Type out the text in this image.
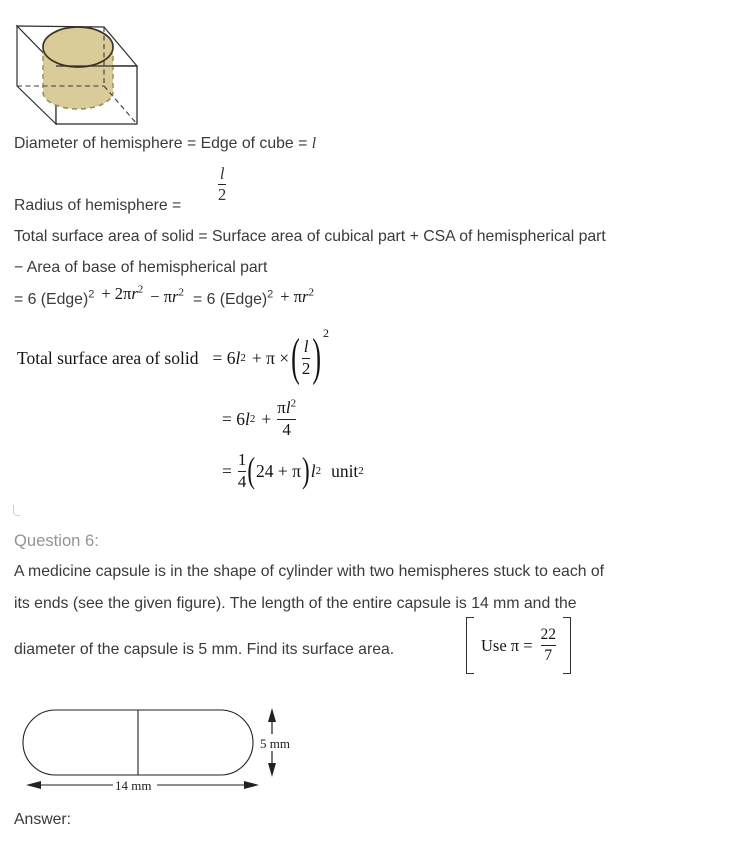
Diameter of hemisphere = Edge of cube = l
Radius of hemisphere =
l
2
Total surface area of solid = Surface area of cubical part + CSA of hemispherical part
− Area of base of hemispherical part
= 6 (Edge)$^2$ + $2\pi r^2 - \pi r^2 = 6$ (Edge)$^2$ + $\pi r^2$
Total surface area of solid = 6 l 2 + π × ( $\frac{l}{2}$ ) 2
= 6 l $2 + \frac{\pi l^2}{4}$
= $\frac{1}{4}$ ( 24 + π ) l 2 unit 2
Question 6:
A medicine capsule is in the shape of cylinder with two hemispheres stuck to each of
its ends (see the given figure). The length of the entire capsule is 14 mm and the
diameter of the capsule is 5 mm. Find its surface area.	Use $\pi = \frac{22}{7}$
5 mm
14 mm
Answer:
